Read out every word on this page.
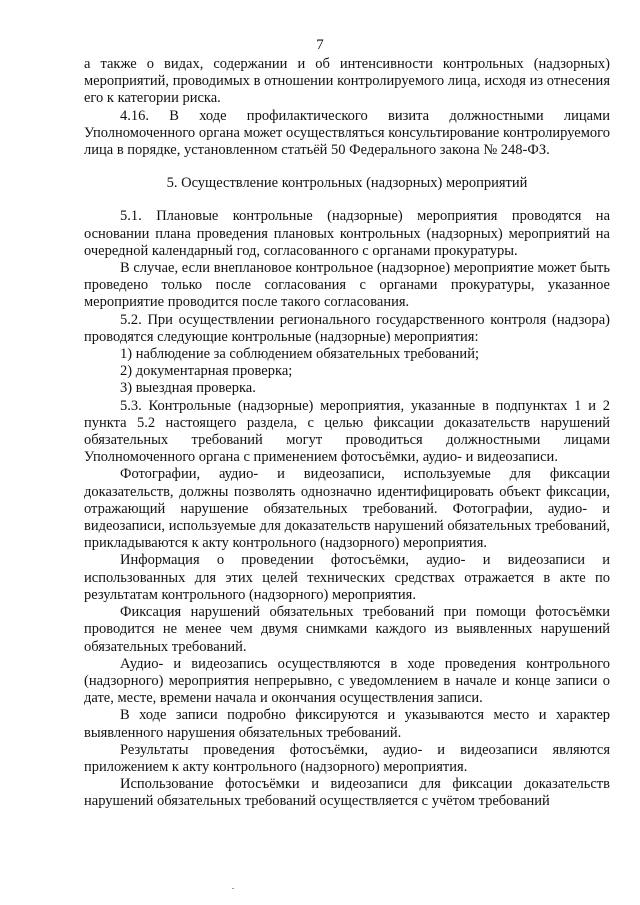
7

а также о видах, содержании и об интенсивности контрольных (надзорных) мероприятий, проводимых в отношении контролируемого лица, исходя из отнесения его к категории риска.

4.16. В ходе профилактического визита должностными лицами Уполномоченного органа может осуществляться консультирование контролируемого лица в порядке, установленном статьёй 50 Федерального закона № 248-ФЗ.

5. Осуществление контрольных (надзорных) мероприятий

5.1. Плановые контрольные (надзорные) мероприятия проводятся на основании плана проведения плановых контрольных (надзорных) мероприятий на очередной календарный год, согласованного с органами прокуратуры.

В случае, если внеплановое контрольное (надзорное) мероприятие может быть проведено только после согласования с органами прокуратуры, указанное мероприятие проводится после такого согласования.

5.2. При осуществлении регионального государственного контроля (надзора) проводятся следующие контрольные (надзорные) мероприятия:

1) наблюдение за соблюдением обязательных требований;

2) документарная проверка;

3) выездная проверка.

5.3. Контрольные (надзорные) мероприятия, указанные в подпунктах 1 и 2 пункта 5.2 настоящего раздела, с целью фиксации доказательств нарушений обязательных требований могут проводиться должностными лицами Уполномоченного органа с применением фотосъёмки, аудио- и видеозаписи.

Фотографии, аудио- и видеозаписи, используемые для фиксации доказательств, должны позволять однозначно идентифицировать объект фиксации, отражающий нарушение обязательных требований. Фотографии, аудио- и видеозаписи, используемые для доказательств нарушений обязательных требований, прикладываются к акту контрольного (надзорного) мероприятия.

Информация о проведении фотосъёмки, аудио- и видеозаписи и использованных для этих целей технических средствах отражается в акте по результатам контрольного (надзорного) мероприятия.

Фиксация нарушений обязательных требований при помощи фотосъёмки проводится не менее чем двумя снимками каждого из выявленных нарушений обязательных требований.

Аудио- и видеозапись осуществляются в ходе проведения контрольного (надзорного) мероприятия непрерывно, с уведомлением в начале и конце записи о дате, месте, времени начала и окончания осуществления записи.

В ходе записи подробно фиксируются и указываются место и характер выявленного нарушения обязательных требований.

Результаты проведения фотосъёмки, аудио- и видеозаписи являются приложением к акту контрольного (надзорного) мероприятия.

Использование фотосъёмки и видеозаписи для фиксации доказательств нарушений обязательных требований осуществляется с учётом требований
